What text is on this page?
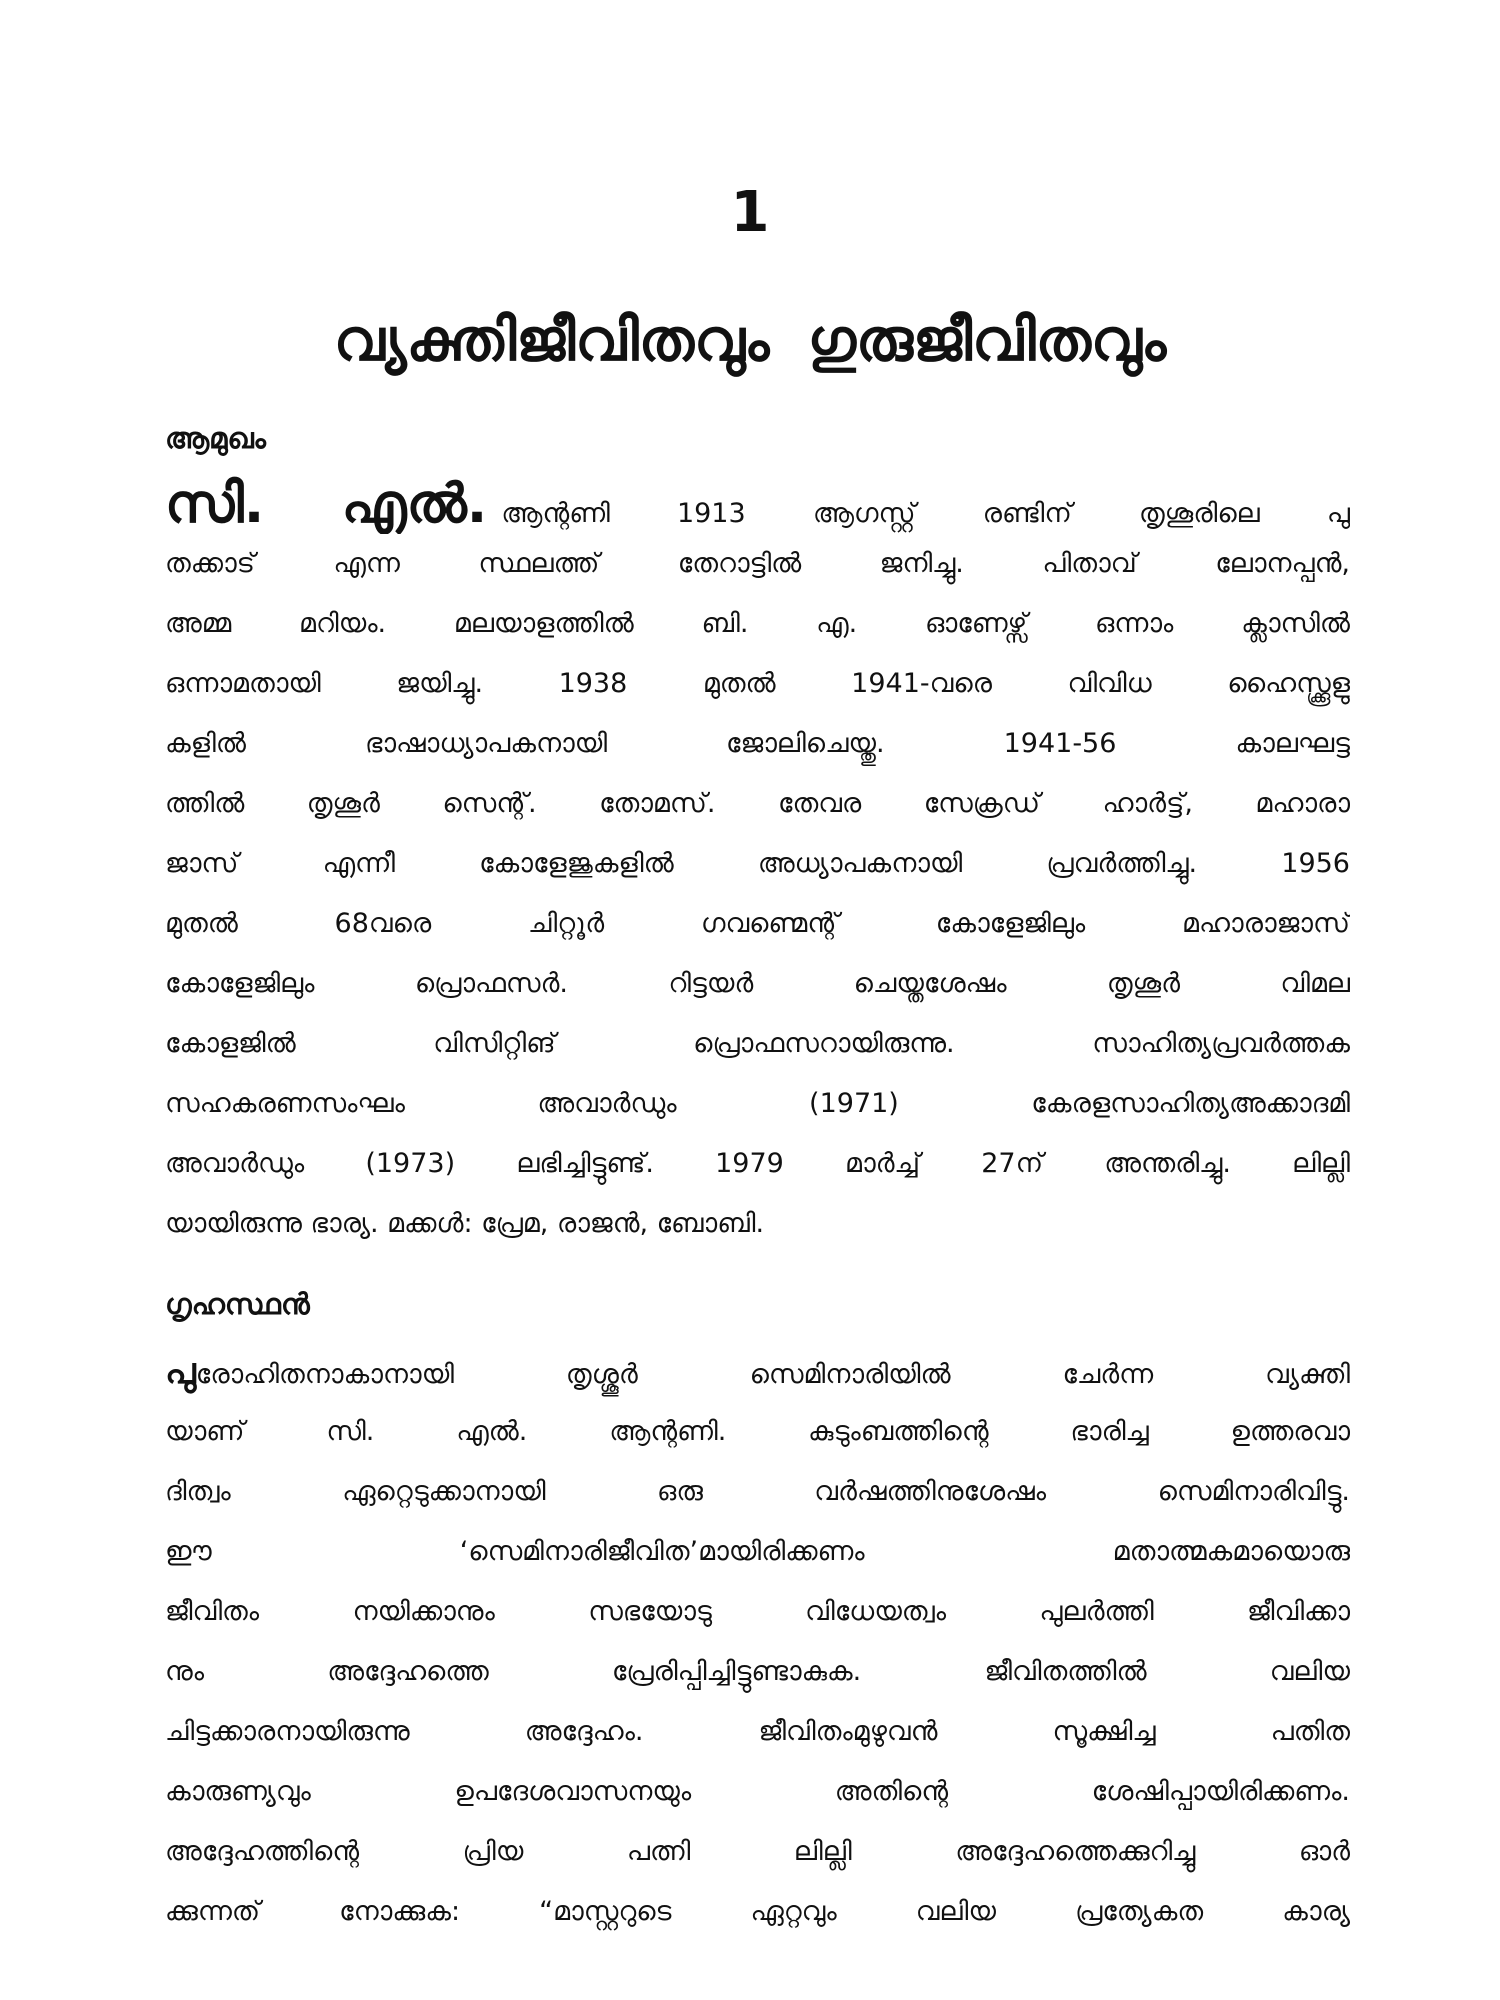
1
വ്യക്തിജീവിതവും ഗുരുജീവിതവും
ആമുഖം
സി. എൽ. ആന്റണി 1913 ആഗസ്റ്റ് രണ്ടിന് തൃശൂരിലെ പു
തക്കാട് എന്ന സ്ഥലത്ത് തേറാട്ടിൽ ജനിച്ചു. പിതാവ് ലോനപ്പൻ,
അമ്മ മറിയം. മലയാളത്തിൽ ബി. എ. ഓണേഴ്സ് ഒന്നാം ക്ലാസിൽ
ഒന്നാമതായി ജയിച്ചു. 1938 മുതൽ 1941-വരെ വിവിധ ഹൈസ്ക്കൂളു
കളിൽ ഭാഷാധ്യാപകനായി ജോലിചെയ്തു. 1941-56 കാലഘട്ട
ത്തിൽ തൃശൂർ സെന്റ്. തോമസ്. തേവര സേക്രഡ് ഹാർട്ട്, മഹാരാ
ജാസ് എന്നീ കോളേജുകളിൽ അധ്യാപകനായി പ്രവർത്തിച്ചു. 1956
മുതൽ 68വരെ ചിറ്റൂർ ഗവണ്മെന്റ് കോളേജിലും മഹാരാജാസ്
കോളേജിലും പ്രൊഫസർ. റിട്ടയർ ചെയ്തശേഷം തൃശൂർ വിമല
കോളജിൽ വിസിറ്റിങ് പ്രൊഫസറായിരുന്നു. സാഹിത്യപ്രവർത്തക
സഹകരണസംഘം അവാർഡും (1971) കേരളസാഹിത്യഅക്കാദമി
അവാർഡും (1973) ലഭിച്ചിട്ടുണ്ട്. 1979 മാർച്ച് 27ന് അന്തരിച്ചു. ലില്ലി
യായിരുന്നു ഭാര്യ. മക്കൾ: പ്രേമ, രാജൻ, ബോബി.
ഗൃഹസ്ഥൻ
പുരോഹിതനാകാനായി തൃശ്ശൂർ സെമിനാരിയിൽ ചേർന്ന വ്യക്തി
യാണ് സി. എൽ. ആന്റണി. കുടുംബത്തിന്റെ ഭാരിച്ച ഉത്തരവാ
ദിത്വം ഏറ്റെടുക്കാനായി ഒരു വർഷത്തിനുശേഷം സെമിനാരിവിട്ടു.
ഈ ‘സെമിനാരിജീവിത’മായിരിക്കണം മതാത്മകമായൊരു
ജീവിതം നയിക്കാനും സഭയോടു വിധേയത്വം പുലർത്തി ജീവിക്കാ
നും അദ്ദേഹത്തെ പ്രേരിപ്പിച്ചിട്ടുണ്ടാകുക. ജീവിതത്തിൽ വലിയ
ചിട്ടക്കാരനായിരുന്നു അദ്ദേഹം. ജീവിതംമുഴുവൻ സൂക്ഷിച്ച പതിത
കാരുണ്യവും ഉപദേശവാസനയും അതിന്റെ ശേഷിപ്പായിരിക്കണം.
അദ്ദേഹത്തിന്റെ പ്രിയ പത്നി ലില്ലി അദ്ദേഹത്തെക്കുറിച്ചു ഓർ
ക്കുന്നത് നോക്കുക: “മാസ്റ്ററുടെ ഏറ്റവും വലിയ പ്രത്യേകത കാര്യ
